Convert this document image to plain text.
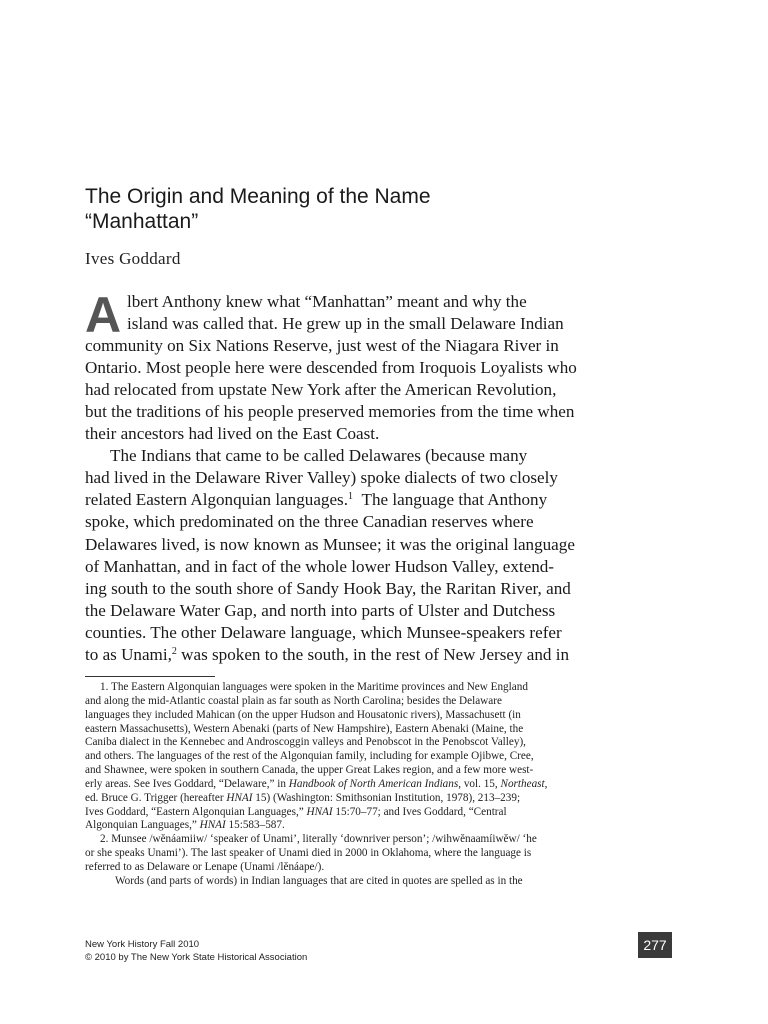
The Origin and Meaning of the Name
“Manhattan”
Ives Goddard
A lbert Anthony knew what “Manhattan” meant and why the
island was called that. He grew up in the small Delaware Indian
community on Six Nations Reserve, just west of the Niagara River in
Ontario. Most people here were descended from Iroquois Loyalists who
had relocated from upstate New York after the American Revolution,
but the traditions of his people preserved memories from the time when
their ancestors had lived on the East Coast.
The Indians that came to be called Delawares (because many
had lived in the Delaware River Valley) spoke dialects of two closely
related Eastern Algonquian languages.$^1$ The language that Anthony
spoke, which predominated on the three Canadian reserves where
Delawares lived, is now known as Munsee; it was the original language
of Manhattan, and in fact of the whole lower Hudson Valley, extend-
ing south to the south shore of Sandy Hook Bay, the Raritan River, and
the Delaware Water Gap, and north into parts of Ulster and Dutchess
counties. The other Delaware language, which Munsee-speakers refer
to as Unami,$^2$ was spoken to the south, in the rest of New Jersey and in
1. The Eastern Algonquian languages were spoken in the Maritime provinces and New England
and along the mid-Atlantic coastal plain as far south as North Carolina; besides the Delaware
languages they included Mahican (on the upper Hudson and Housatonic rivers), Massachusett (in
eastern Massachusetts), Western Abenaki (parts of New Hampshire), Eastern Abenaki (Maine, the
Caniba dialect in the Kennebec and Androscoggin valleys and Penobscot in the Penobscot Valley),
and others. The languages of the rest of the Algonquian family, including for example Ojibwe, Cree,
and Shawnee, were spoken in southern Canada, the upper Great Lakes region, and a few more west-
erly areas. See Ives Goddard, “Delaware,” in Handbook of North American Indians, vol. 15, Northeast,
ed. Bruce G. Trigger (hereafter HNAI 15) (Washington: Smithsonian Institution, 1978), 213–239;
Ives Goddard, “Eastern Algonquian Languages,” HNAI 15:70–77; and Ives Goddard, “Central
Algonquian Languages,” HNAI 15:583–587.
2. Munsee /wĕnáamiiw/ ‘speaker of Unami’, literally ‘downriver person’; /wihwĕnaamíiwĕw/ ‘he
or she speaks Unami’). The last speaker of Unami died in 2000 in Oklahoma, where the language is
referred to as Delaware or Lenape (Unami /lĕnáape/).
Words (and parts of words) in Indian languages that are cited in quotes are spelled as in the
New York History Fall 2010
© 2010 by The New York State Historical Association
277
